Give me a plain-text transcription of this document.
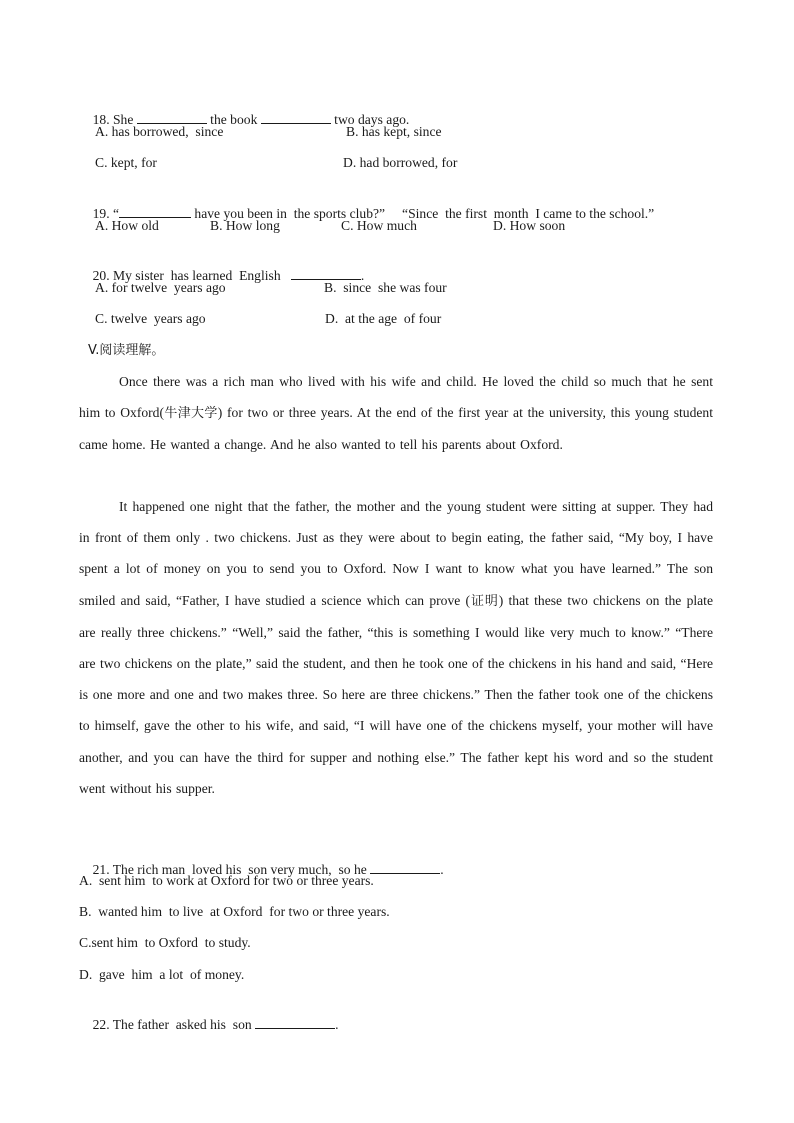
18. She	the book	two days ago.

A. has borrowed,  since	B. has kept, since
C. kept, for	D. had borrowed, for

19. “	have you been in  the sports club?”     “Since  the first  month  I came to the school.”

A. How old	B. How long	C. How much	D. How soon

20. My sister  has learned  English	.

A. for twelve  years ago	B.  since  she was four
C. twelve  years ago	D.  at the age  of four
V.阅读理解。
Once there was a rich man who lived with his wife and child. He loved the child so much that he sent him to Oxford(牛津大学) for two or three years. At the end of the first year at the university, this young student came home. He wanted a change. And he also wanted to tell his parents about Oxford.
It happened one night that the father, the mother and the young student were sitting at supper. They had in front of them only . two chickens. Just as they were about to begin eating, the father said, “My boy, I have spent a lot of money on you to send you to Oxford. Now I want to know what you have learned.” The son smiled and said, “Father, I have studied a science which can prove (证明) that these two chickens on the plate are really three chickens.” “Well,” said the father, “this is something I would like very much to know.” “There are two chickens on the plate,” said the student, and then he took one of the chickens in his hand and said, “Here is one more and one and two makes three. So here are three chickens.” Then the father took one of the chickens to himself, gave the other to his wife, and said, “I will have one of the chickens myself, your mother will have another, and you can have the third for supper and nothing else.” The father kept his word and so the student went without his supper.

21. The rich man  loved his  son very much,  so he	.

A.  sent him  to work at Oxford for two or three years.
B.  wanted him  to live  at Oxford  for two or three years.
C.sent him  to Oxford  to study.
D.  gave  him  a lot  of money.

22. The father  asked his  son	.
